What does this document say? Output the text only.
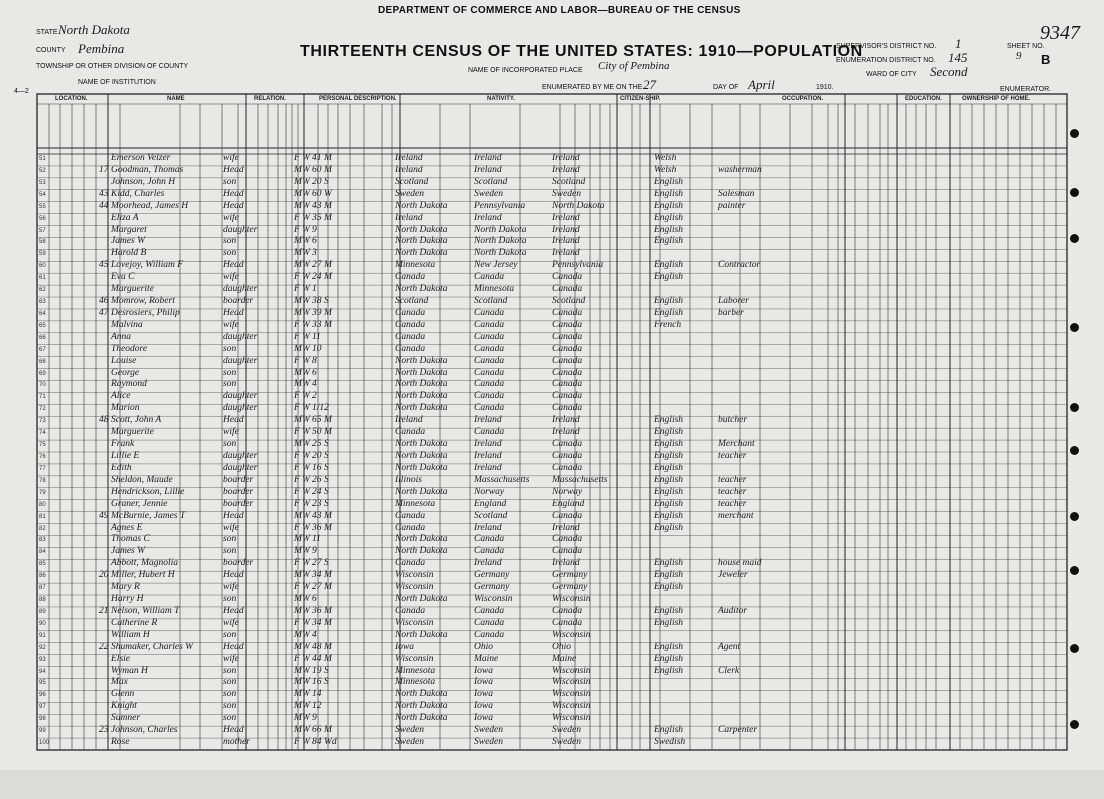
STATE North Dakota
COUNTY Pembina
TOWNSHIP OR OTHER DIVISION OF COUNTY
NAME OF INSTITUTION
4—2
DEPARTMENT OF COMMERCE AND LABOR—BUREAU OF THE CENSUS
THIRTEENTH CENSUS OF THE UNITED STATES: 1910—POPULATION
NAME OF INCORPORATED PLACE City of Pembina
ENUMERATED BY ME ON THE 27	DAY OF April	1910.	ENUMERATOR.
SUPERVISOR'S DISTRICT NO. 1
ENUMERATION DISTRICT NO. 145
WARD OF CITY Second
SHEET NO.
9347
9 B
LOCATION.	NAME	RELATION.	PERSONAL DESCRIPTION.	NATIVITY.	CITIZEN-SHIP.	OCCUPATION.	EDUCATION.	OWNERSHIP OF HOME.
51	Emerson Velzer	wife	F W 41 M	Ireland	Ireland	Ireland	Welsh
52	17 Goodman, Thomas	Head	M W 60 M	Ireland	Ireland	Ireland	Welsh	washerman
53	Johnson, John H	son	M W 20 S	Scotland	Scotland	Scotland	English
54	43 Kidd, Charles	Head	M W 60 W	Sweden	Sweden	Sweden	English	Salesman
55	44 Moorhead, James H	Head	M W 43 M	North Dakota	Pennsylvania	North Dakota	English	painter
56	Eliza A	wife	F W 35 M	Ireland	Ireland	Ireland	English
57	Margaret	daughter	F W 9	North Dakota	North Dakota	Ireland	English
58	James W	son	M W 6	North Dakota	North Dakota	Ireland	English
59	Harold B	son	M W 3	North Dakota	North Dakota	Ireland
60	45 Lovejoy, William F	Head	M W 27 M	Minnesota	New Jersey	Pennsylvania	English	Contractor
61	Eva C	wife	F W 24 M	Canada	Canada	Canada	English
62	Marguerite	daughter	F W 1	North Dakota	Minnesota	Canada
63	46 Momrow, Robert	boarder	M W 38 S	Scotland	Scotland	Scotland	English	Laborer
64	47 Desrosiers, Philip	Head	M W 39 M	Canada	Canada	Canada	English	barber
65	Malvina	wife	F W 33 M	Canada	Canada	Canada	French
66	Anna	daughter	F W 11	Canada	Canada	Canada
67	Theodore	son	M W 10	Canada	Canada	Canada
68	Louise	daughter	F W 8	North Dakota	Canada	Canada
69	George	son	M W 6	North Dakota	Canada	Canada
70	Raymond	son	M W 4	North Dakota	Canada	Canada
71	Alice	daughter	F W 2	North Dakota	Canada	Canada
72	Marion	daughter	F W 1/12	North Dakota	Canada	Canada
73	48 Scott, John A	Head	M W 65 M	Ireland	Ireland	Ireland	English	butcher
74	Marguerite	wife	F W 50 M	Canada	Canada	Ireland	English
75	Frank	son	M W 25 S	North Dakota	Ireland	Canada	English	Merchant
76	Lillie E	daughter	F W 20 S	North Dakota	Ireland	Canada	English	teacher
77	Edith	daughter	F W 16 S	North Dakota	Ireland	Canada	English
78	Sheldon, Maude	boarder	F W 26 S	Illinois	Massachusetts	Massachusetts	English	teacher
79	Hendrickson, Lillie	boarder	F W 24 S	North Dakota	Norway	Norway	English	teacher
80	Graner, Jennie	boarder	F W 23 S	Minnesota	England	England	English	teacher
81	49 McBurnie, James T	Head	M W 43 M	Canada	Scotland	Canada	English	merchant
82	Agnes E	wife	F W 36 M	Canada	Ireland	Ireland	English
83	Thomas C	son	M W 11	North Dakota	Canada	Canada
84	James W	son	M W 9	North Dakota	Canada	Canada
85	Abbott, Magnolia	boarder	F W 27 S	Canada	Ireland	Ireland	English	house maid
86	20 Miller, Hubert H	Head	M W 34 M	Wisconsin	Germany	Germany	English	Jeweler
87	Mary R	wife	F W 27 M	Wisconsin	Germany	Germany	English
88	Harry H	son	M W 6	North Dakota	Wisconsin	Wisconsin
89	21 Nelson, William T	Head	M W 36 M	Canada	Canada	Canada	English	Auditor
90	Catherine R	wife	F W 34 M	Wisconsin	Canada	Canada	English
91	William H	son	M W 4	North Dakota	Canada	Wisconsin
92	22 Shumaker, Charles W	Head	M W 48 M	Iowa	Ohio	Ohio	English	Agent
93	Elsie	wife	F W 44 M	Wisconsin	Maine	Maine	English
94	Wyman H	son	M W 19 S	Minnesota	Iowa	Wisconsin	English	Clerk
95	Max	son	M W 16 S	Minnesota	Iowa	Wisconsin
96	Glenn	son	M W 14	North Dakota	Iowa	Wisconsin
97	Knight	son	M W 12	North Dakota	Iowa	Wisconsin
98	Sumner	son	M W 9	North Dakota	Iowa	Wisconsin
99	23 Johnson, Charles	Head	M W 66 M	Sweden	Sweden	Sweden	English	Carpenter
100	Rose	mother	F W 84 Wd	Sweden	Sweden	Sweden	Swedish
